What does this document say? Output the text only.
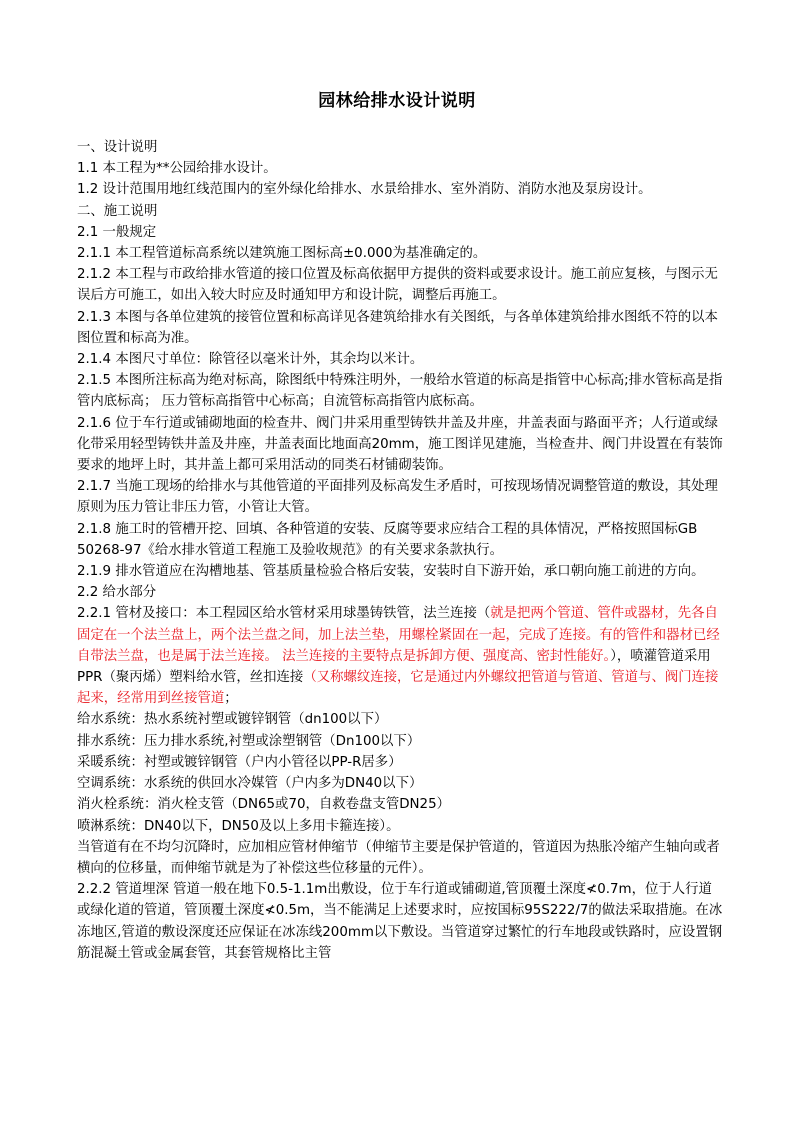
园林给排水设计说明

一、设计说明

1.1 本工程为**公园给排水设计。

1.2 设计范围用地红线范围内的室外绿化给排水、水景给排水、室外消防、消防水池及泵房设计。

二、施工说明

2.1 一般规定

2.1.1 本工程管道标高系统以建筑施工图标高±0.000为基准确定的。

2.1.2 本工程与市政给排水管道的接口位置及标高依据甲方提供的资料或要求设计。施工前应复核，与图示无误后方可施工，如出入较大时应及时通知甲方和设计院，调整后再施工。

2.1.3 本图与各单位建筑的接管位置和标高详见各建筑给排水有关图纸，与各单体建筑给排水图纸不符的以本图位置和标高为准。

2.1.4 本图尺寸单位：除管径以毫米计外，其余均以米计。

2.1.5 本图所注标高为绝对标高，除图纸中特殊注明外，一般给水管道的标高是指管中心标高;排水管标高是指管内底标高； 压力管标高指管中心标高；自流管标高指管内底标高。

2.1.6 位于车行道或铺砌地面的检查井、阀门井采用重型铸铁井盖及井座，井盖表面与路面平齐；人行道或绿化带采用轻型铸铁井盖及井座，井盖表面比地面高20mm，施工图详见建施，当检查井、阀门井设置在有装饰要求的地坪上时，其井盖上都可采用活动的同类石材铺砌装饰。

2.1.7 当施工现场的给排水与其他管道的平面排列及标高发生矛盾时，可按现场情况调整管道的敷设，其处理原则为压力管让非压力管，小管让大管。

2.1.8 施工时的管槽开挖、回填、各种管道的安装、反腐等要求应结合工程的具体情况，严格按照国标GB 50268-97《给水排水管道工程施工及验收规范》的有关要求条款执行。

2.1.9 排水管道应在沟槽地基、管基质量检验合格后安装，安装时自下游开始，承口朝向施工前进的方向。

2.2 给水部分

2.2.1 管材及接口：本工程园区给水管材采用球墨铸铁管，法兰连接（就是把两个管道、管件或器材，先各自固定在一个法兰盘上，两个法兰盘之间，加上法兰垫，用螺栓紧固在一起，完成了连接。有的管件和器材已经自带法兰盘，也是属于法兰连接。 法兰连接的主要特点是拆卸方便、强度高、密封性能好。），喷灌管道采用PPR（聚丙烯）塑料给水管，丝扣连接（又称螺纹连接，它是通过内外螺纹把管道与管道、管道与、阀门连接起来，经常用到丝接管道；

给水系统：热水系统衬塑或镀锌钢管（dn100以下）

排水系统：压力排水系统,衬塑或涂塑钢管（Dn100以下）

采暖系统：衬塑或镀锌钢管（户内小管径以PP-R居多）

空调系统：水系统的供回水冷媒管（户内多为DN40以下）

消火栓系统：消火栓支管（DN65或70，自救卷盘支管DN25）

喷淋系统：DN40以下，DN50及以上多用卡箍连接）。

当管道有在不均匀沉降时，应加相应管材伸缩节（伸缩节主要是保护管道的，管道因为热胀冷缩产生轴向或者横向的位移量，而伸缩节就是为了补偿这些位移量的元件）。

2.2.2 管道埋深 管道一般在地下0.5-1.1m出敷设，位于车行道或铺砌道,管顶覆土深度≮0.7m，位于人行道或绿化道的管道，管顶覆土深度≮0.5m，当不能满足上述要求时，应按国标95S222/7的做法采取措施。在冰冻地区,管道的敷设深度还应保证在冰冻线200mm以下敷设。当管道穿过繁忙的行车地段或铁路时，应设置钢筋混凝土管或金属套管，其套管规格比主管
